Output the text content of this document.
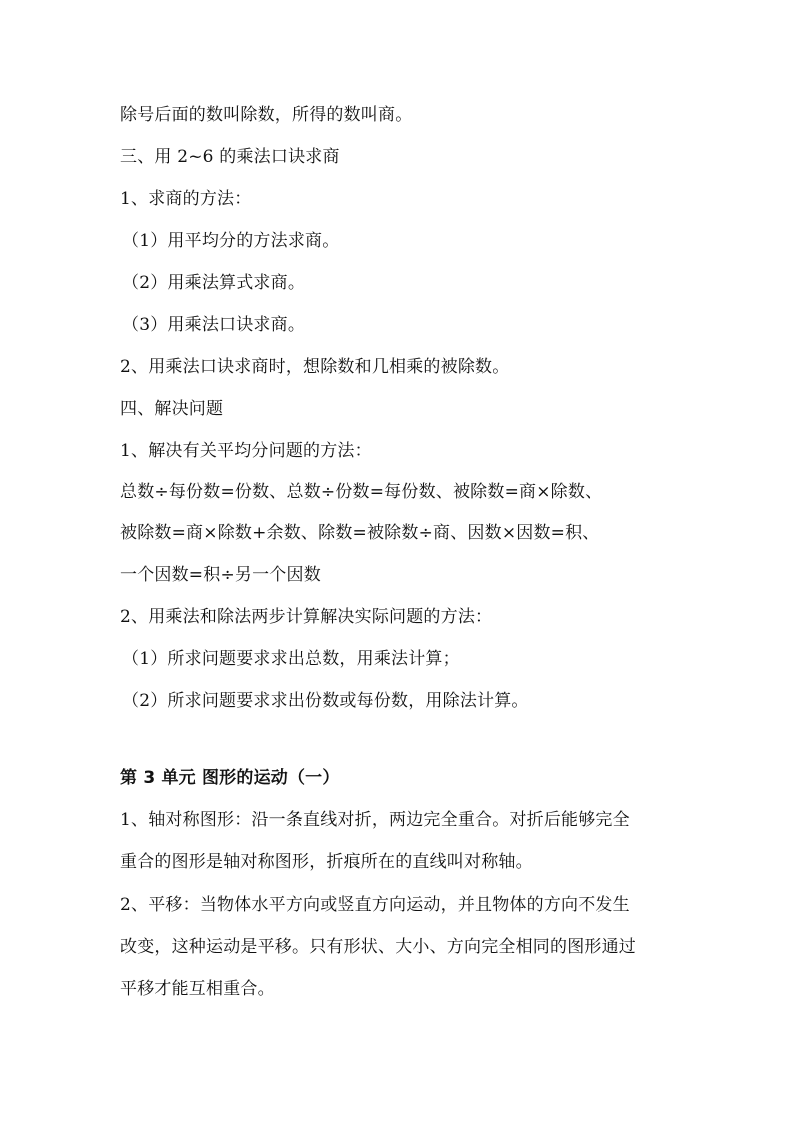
除号后面的数叫除数，所得的数叫商。
三、用 2~6 的乘法口诀求商
1、求商的方法：
（1）用平均分的方法求商。
（2）用乘法算式求商。
（3）用乘法口诀求商。
2、用乘法口诀求商时，想除数和几相乘的被除数。
四、解决问题
1、解决有关平均分问题的方法：
总数÷每份数=份数、总数÷份数=每份数、被除数=商×除数、
被除数=商×除数+余数、除数=被除数÷商、因数×因数=积、
一个因数=积÷另一个因数
2、用乘法和除法两步计算解决实际问题的方法：
（1）所求问题要求求出总数，用乘法计算；
（2）所求问题要求求出份数或每份数，用除法计算。
第 3 单元 图形的运动（一）
1、轴对称图形：沿一条直线对折，两边完全重合。对折后能够完全
重合的图形是轴对称图形，折痕所在的直线叫对称轴。
2、平移：当物体水平方向或竖直方向运动，并且物体的方向不发生
改变，这种运动是平移。只有形状、大小、方向完全相同的图形通过
平移才能互相重合。
